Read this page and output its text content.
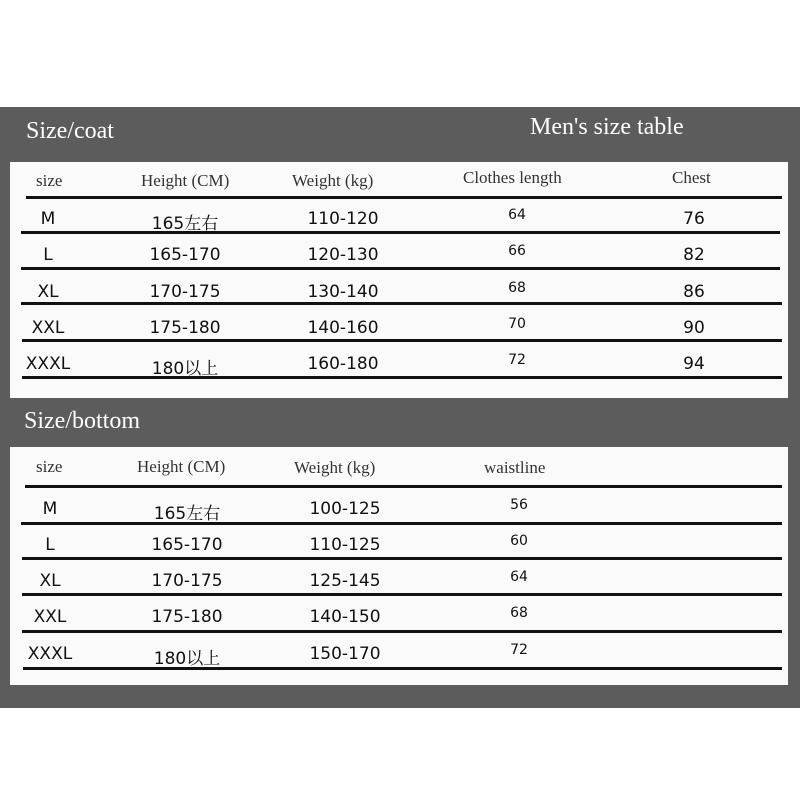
Size/coat	Men's size table
Size/bottom
size	Height (CM)	Weight (kg)	Clothes length	Chest
M	165左右	110-120	64	76
L	165-170	120-130	66	82
XL	170-175	130-140	68	86
XXL	175-180	140-160	70	90
XXXL	180以上	160-180	72	94
size	Height (CM)	Weight (kg)	waistline
M	165左右	100-125	56
L	165-170	110-125	60
XL	170-175	125-145	64
XXL	175-180	140-150	68
XXXL	180以上	150-170	72
